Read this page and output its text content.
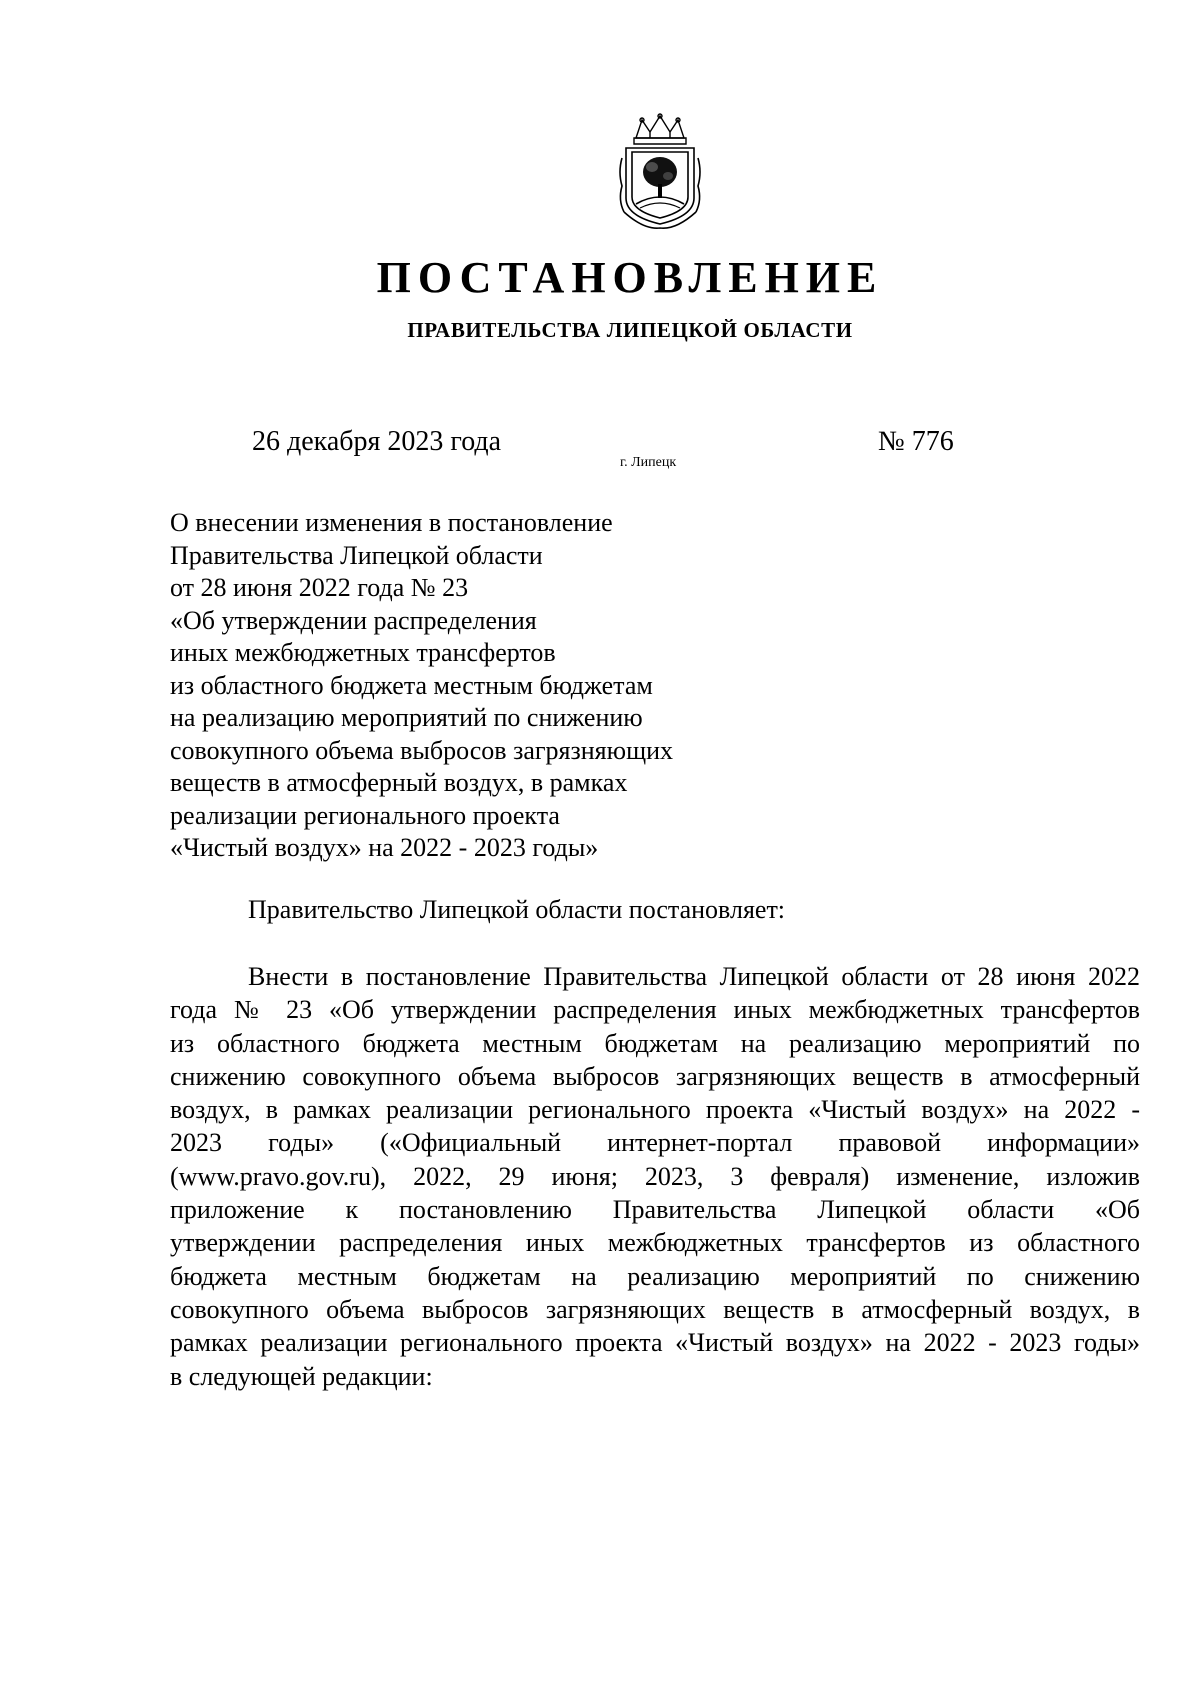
ПОСТАНОВЛЕНИЕ
ПРАВИТЕЛЬСТВА ЛИПЕЦКОЙ ОБЛАСТИ
26 декабря 2023 года
г. Липецк
№ 776
О внесении изменения в постановление
Правительства Липецкой области
от 28 июня 2022 года № 23
«Об утверждении распределения
иных межбюджетных трансфертов
из областного бюджета местным бюджетам
на реализацию мероприятий по снижению
совокупного объема выбросов загрязняющих
веществ в атмосферный воздух, в рамках
реализации регионального проекта
«Чистый воздух» на 2022 - 2023 годы»
Правительство Липецкой области постановляет:
Внести в постановление Правительства Липецкой области от 28 июня 2022
года № 23 «Об утверждении распределения иных межбюджетных трансфертов
из областного бюджета местным бюджетам на реализацию мероприятий по
снижению совокупного объема выбросов загрязняющих веществ в атмосферный
воздух, в рамках реализации регионального проекта «Чистый воздух» на 2022 -
2023 годы» («Официальный интернет-портал правовой информации»
(www.pravo.gov.ru), 2022, 29 июня; 2023, 3 февраля) изменение, изложив
приложение к постановлению Правительства Липецкой области «Об
утверждении распределения иных межбюджетных трансфертов из областного
бюджета местным бюджетам на реализацию мероприятий по снижению
совокупного объема выбросов загрязняющих веществ в атмосферный воздух, в
рамках реализации регионального проекта «Чистый воздух» на 2022 - 2023 годы»
в следующей редакции:
